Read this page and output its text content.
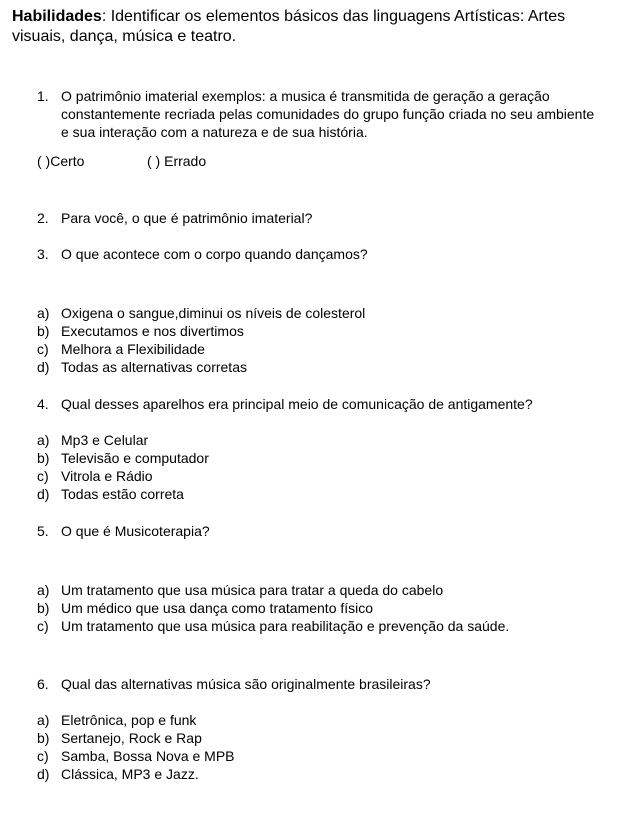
Habilidades: Identificar os elementos básicos das linguagens Artísticas: Artes visuais, dança, música e teatro.
1. O patrimônio imaterial exemplos: a musica é transmitida de geração a geração constantemente recriada pelas comunidades do grupo função criada no seu ambiente e sua interação com a natureza e de sua história.
( )Certo	( ) Errado
2. Para você, o que é patrimônio imaterial?
3. O que acontece com o corpo quando dançamos?
a) Oxigena o sangue,diminui os níveis de colesterol
b) Executamos e nos divertimos
c) Melhora a Flexibilidade
d) Todas as alternativas corretas
4. Qual desses aparelhos era principal meio de comunicação de antigamente?
a) Mp3 e Celular
b) Televisão e computador
c) Vitrola e Rádio
d) Todas estão correta
5. O que é Musicoterapia?
a) Um tratamento que usa música para tratar a queda do cabelo
b) Um médico que usa dança como tratamento físico
c) Um tratamento que usa música para reabilitação e prevenção da saúde.
6. Qual das alternativas música são originalmente brasileiras?
a) Eletrônica, pop e funk
b) Sertanejo, Rock e Rap
c) Samba, Bossa Nova e MPB
d) Clássica, MP3 e Jazz.
